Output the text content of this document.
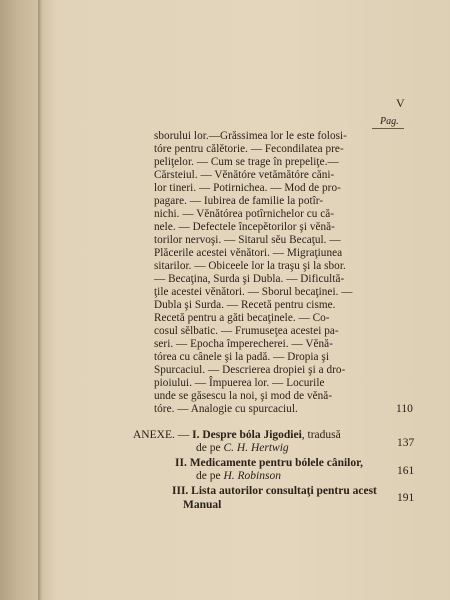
V
Pag.
sborului lor.—Grăssimea lor le este folosi-
tóre pentru călĕtorie. — Fecondilatea pre-
peliţelor. — Cum se trage în prepeliţe.—
Cărsteiul. — Vĕnătóre vetămătóre căni-
lor tineri. — Potirnichea. — Mod de pro-
pagare. — Iubirea de familie la potîr-
nichi. — Vĕnătórea potîrnichelor cu că-
nele. — Defectele începĕtorilor şi vĕnă-
torilor nervoşi. — Sitarul sĕu Becaţul. —
Plăcerile acestei vĕnători. — Migraţiunea
sitarilor. — Obiceele lor la traşu şi la sbor.
— Becaţina, Surda şi Dubla. — Dificultă-
ţile acestei vĕnători. — Sborul becaţinei. —
Dubla şi Surda. — Recetă pentru cisme.
Recetă pentru a găti becaţinele. — Co-
cosul sĕlbatic. — Frumuseţea acestei pa-
seri. — Epocha împerecherei. — Vĕnă-
tórea cu cânele şi la padă. — Dropia şi
Spurcaciul. — Descrierea dropiei şi a dro-
pioiului. — Împuerea lor. — Locurile
unde se găsescu la noi, şi mod de vĕnă-
tóre. — Analogie cu spurcaciul.	110
ANEXE. — I. Despre bóla Jigodiei, tradusă
de pe C. H. Hertwig	137
II. Medicamente pentru bólele cânilor,
de pe H. Robinson	161
III. Lista autorilor consultaţi pentru acest
Manual
191
